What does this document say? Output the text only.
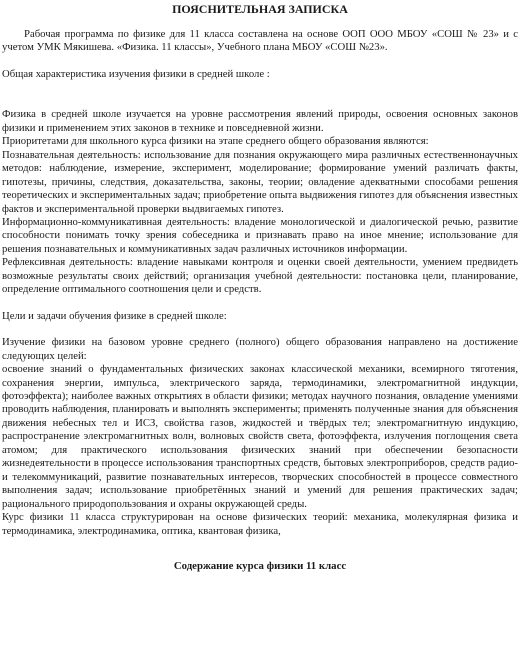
ПОЯСНИТЕЛЬНАЯ ЗАПИСКА

Рабочая программа по физике для 11 класса составлена на основе ООП ООО МБОУ «СОШ № 23» и с учетом УМК Мякишева. «Физика. 11 классы», Учебного плана МБОУ «СОШ №23».

Общая характеристика изучения физики в средней школе :

Физика в средней школе изучается на уровне рассмотрения явлений природы, освоения основных законов физики и применением этих законов в технике и повседневной жизни.

Приоритетами для школьного курса физики на этапе среднего общего образования являются:

Познавательная деятельность: использование для познания окружающего мира различных естественнонаучных методов: наблюдение, измерение, эксперимент, моделирование; формирование умений различать факты, гипотезы, причины, следствия, доказательства, законы, теории; овладение адекватными способами решения теоретических и экспериментальных задач; приобретение опыта выдвижения гипотез для объяснения известных фактов и экспериментальной проверки выдвигаемых гипотез.

Информационно-коммуникативная деятельность: владение монологической и диалогической речью, развитие способности понимать точку зрения собеседника и признавать право на иное мнение; использование для решения познавательных и коммуникативных задач различных источников информации.

Рефлексивная деятельность: владение навыками контроля и оценки своей деятельности, умением предвидеть возможные результаты своих действий; организация учебной деятельности: постановка цели, планирование, определение оптимального соотношения цели и средств.

Цели и задачи обучения физике в средней школе:

Изучение физики на базовом уровне среднего (полного) общего образования направлено на достижение следующих целей:

освоение знаний о фундаментальных физических законах классической механики, всемирного тяготения, сохранения энергии, импульса, электрического заряда, термодинамики, электромагнитной индукции, фотоэффекта); наиболее важных открытиях в области физики; методах научного познания, овладение умениями проводить наблюдения, планировать и выполнять эксперименты; применять полученные знания для объяснения движения небесных тел и ИСЗ, свойства газов, жидкостей и твёрдых тел; электромагнитную индукцию, распространение электромагнитных волн, волновых свойств света, фотоэффекта, излучения поглощения света атомом; для практического использования физических знаний при обеспечении безопасности жизнедеятельности в процессе использования транспортных средств, бытовых электроприборов, средств радио- и телекоммуникаций, развитие познавательных интересов, творческих способностей в процессе совместного выполнения задач; использование приобретённых знаний и умений для решения практических задач; рационального природопользования и охраны окружающей среды.

Курс физики 11 класса структурирован на основе физических теорий: механика, молекулярная физика и термодинамика, электродинамика, оптика, квантовая физика,

Содержание курса физики 11 класс
